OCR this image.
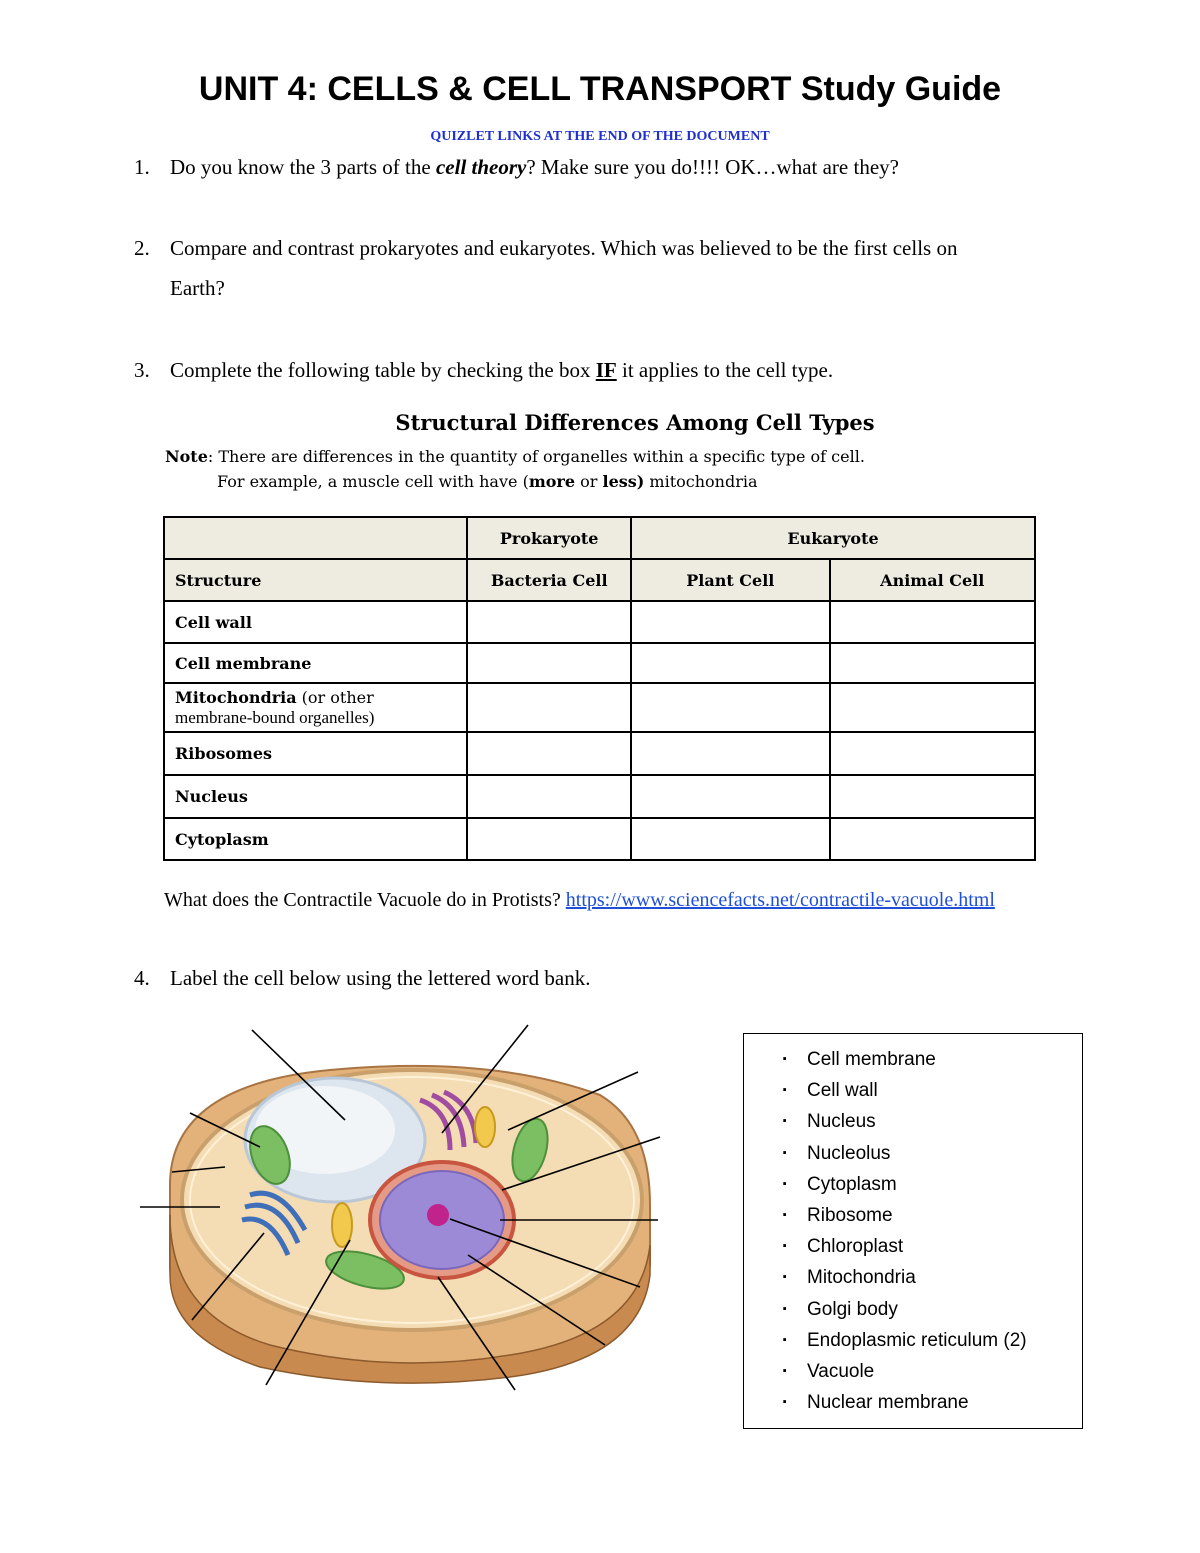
UNIT 4: CELLS & CELL TRANSPORT Study Guide
QUIZLET LINKS AT THE END OF THE DOCUMENT
1. Do you know the 3 parts of the cell theory? Make sure you do!!!! OK…what are they?
2. Compare and contrast prokaryotes and eukaryotes. Which was believed to be the first cells on
Earth?
3. Complete the following table by checking the box IF it applies to the cell type.
Structural Differences Among Cell Types
Note: There are differences in the quantity of organelles within a specific type of cell.
For example, a muscle cell with have (more or less) mitochondria
	Prokaryote	Eukaryote	
Structure	Bacteria Cell	Plant Cell	Animal Cell
Cell wall			
Cell membrane			
Mitochondria (or other
membrane-bound organelles)			
Ribosomes			
Nucleus			
Cytoplasm			
What does the Contractile Vacuole do in Protists? https://www.sciencefacts.net/contractile-vacuole.html
4. Label the cell below using the lettered word bank.
· Cell membrane
· Cell wall
· Nucleus
· Nucleolus
· Cytoplasm
· Ribosome
· Chloroplast
· Mitochondria
· Golgi body
· Endoplasmic reticulum (2)
· Vacuole
· Nuclear membrane
